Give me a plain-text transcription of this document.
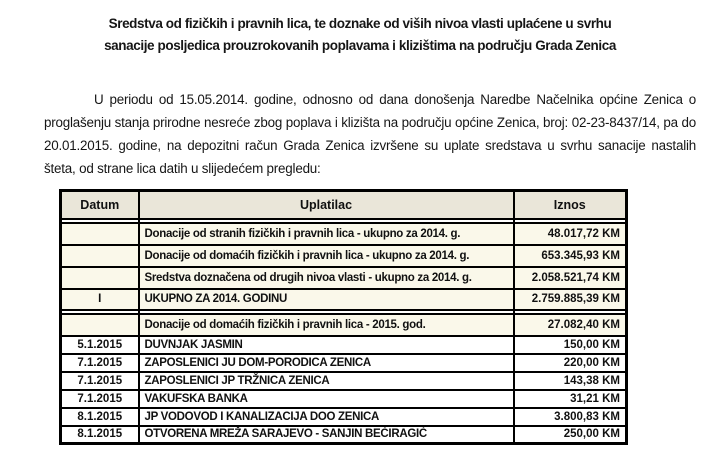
Sredstva od fizičkih i pravnih lica, te doznake od viših nivoa vlasti uplaćene u svrhu
sanacije posljedica prouzrokovanih poplavama i klizištima na području Grada Zenica

U periodu od 15.05.2014. godine, odnosno od dana donošenja Naredbe Načelnika općine Zenica o proglašenju stanja prirodne nesreće zbog poplava i klizišta na području općine Zenica, broj: 02-23-8437/14, pa do 20.01.2015. godine, na depozitni račun Grada Zenica izvršene su uplate sredstava u svrhu sanacije nastalih šteta, od strane lica datih u slijedećem pregledu:

Datum	Uplatilac	Iznos

	Donacije od stranih fizičkih i pravnih lica - ukupno za 2014. g.	48.017,72 KM
	Donacije od domaćih fizičkih i pravnih lica - ukupno za 2014. g.	653.345,93 KM
	Sredstva doznačena od drugih nivoa vlasti - ukupno za 2014. g.	2.058.521,74 KM
I	UKUPNO ZA 2014. GODINU	2.759.885,39 KM

	Donacije od domaćih fizičkih i pravnih lica - 2015. god.	27.082,40 KM
5.1.2015	DUVNJAK JASMIN	150,00 KM
7.1.2015	ZAPOSLENICI JU DOM-PORODICA ZENICA	220,00 KM
7.1.2015	ZAPOSLENICI JP TRŽNICA ZENICA	143,38 KM
7.1.2015	VAKUFSKA BANKA	31,21 KM
8.1.2015	JP VODOVOD I KANALIZACIJA DOO ZENICA	3.800,83 KM
8.1.2015	OTVORENA MREŽA SARAJEVO - SANJIN BEĆIRAGIĆ	250,00 KM
